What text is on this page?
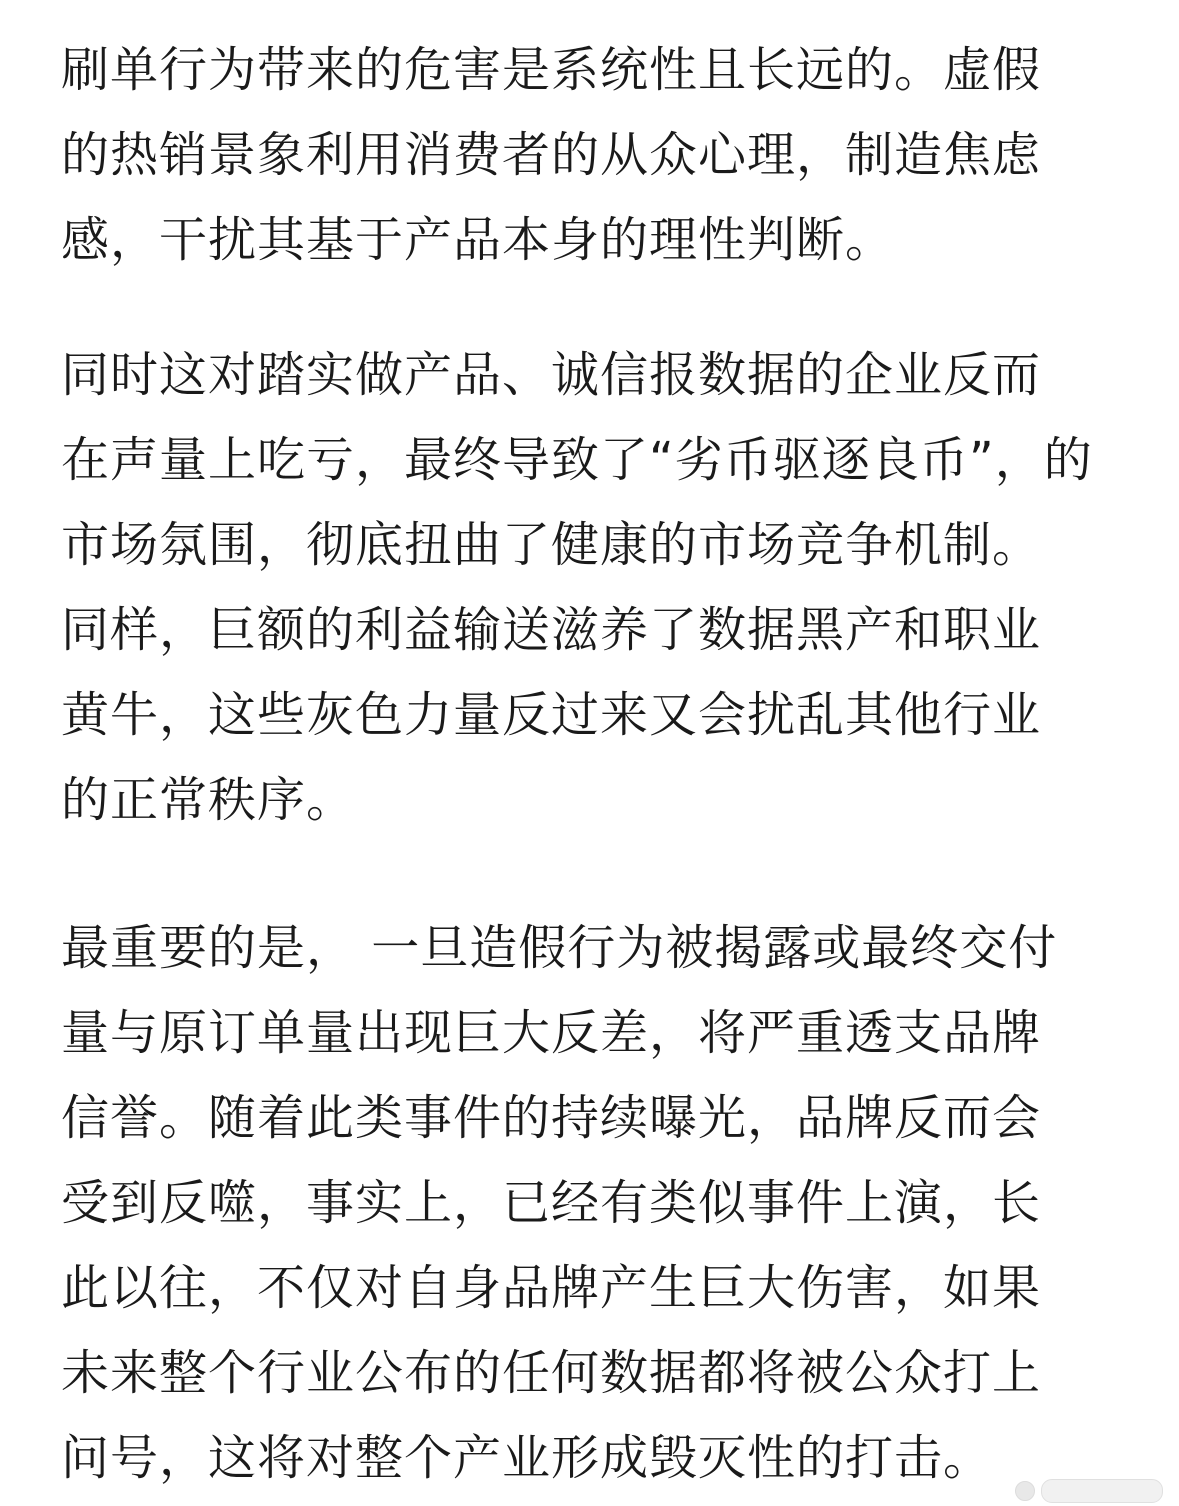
刷单行为带来的危害是系统性且长远的。虚假
的热销景象利用消费者的从众心理，制造焦虑
感，干扰其基于产品本身的理性判断。
同时这对踏实做产品、诚信报数据的企业反而
在声量上吃亏，最终导致了“劣币驱逐良币”，的
市场氛围，彻底扭曲了健康的市场竞争机制。
同样，巨额的利益输送滋养了数据黑产和职业
黄牛，这些灰色力量反过来又会扰乱其他行业
的正常秩序。
最重要的是， 一旦造假行为被揭露或最终交付
量与原订单量出现巨大反差，将严重透支品牌
信誉。随着此类事件的持续曝光，品牌反而会
受到反噬，事实上，已经有类似事件上演，长
此以往，不仅对自身品牌产生巨大伤害，如果
未来整个行业公布的任何数据都将被公众打上
问号，这将对整个产业形成毁灭性的打击。
